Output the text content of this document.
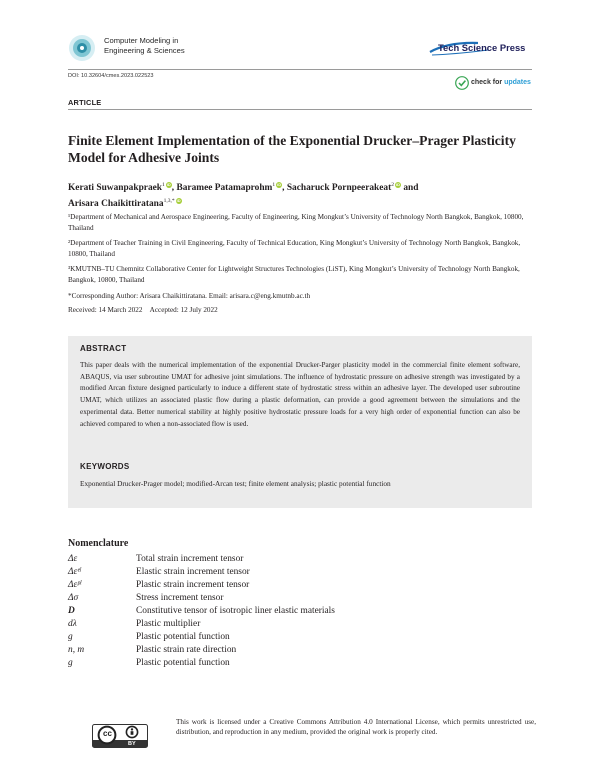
Computer Modeling in
Engineering & Sciences	Tech Science Press
DOI: 10.32604/cmes.2023.022523
check for updates
ARTICLE
Finite Element Implementation of the Exponential Drucker–Prager Plasticity Model for Adhesive Joints
Kerati Suwanpakpraek$^1$ iD, Baramee Patamaprohm$^1$ iD, Sacharuck Pornpeerakeat$^2$ iD and
Arisara Chaikittiratana$^{1,3,*}$ iD
¹Department of Mechanical and Aerospace Engineering, Faculty of Engineering, King Mongkut’s University of Technology North Bangkok, Bangkok, 10800, Thailand
²Department of Teacher Training in Civil Engineering, Faculty of Technical Education, King Mongkut’s University of Technology North Bangkok, Bangkok, 10800, Thailand
³KMUTNB–TU Chemnitz Collaborative Center for Lightweight Structures Technologies (LiST), King Mongkut’s University of Technology North Bangkok, Bangkok, 10800, Thailand
*Corresponding Author: Arisara Chaikittiratana. Email: arisara.c@eng.kmutnb.ac.th
Received: 14 March 2022 Accepted: 12 July 2022
ABSTRACT
This paper deals with the numerical implementation of the exponential Drucker-Parger plasticity model in the commercial finite element software, ABAQUS, via user subroutine UMAT for adhesive joint simulations. The influence of hydrostatic pressure on adhesive strength was investigated by a modified Arcan fixture designed particularly to induce a different state of hydrostatic stress within an adhesive layer. The developed user subroutine UMAT, which utilizes an associated plastic flow during a plastic deformation, can provide a good agreement between the simulations and the experimental data. Better numerical stability at highly positive hydrostatic pressure loads for a very high order of exponential function can also be achieved compared to when a non-associated flow is used.
KEYWORDS
Exponential Drucker-Prager model; modified-Arcan test; finite element analysis; plastic potential function
Nomenclature
Δε	Total strain increment tensor
Δεᵉˡ	Elastic strain increment tensor
Δεᵖˡ	Plastic strain increment tensor
Δσ	Stress increment tensor
D	Constitutive tensor of isotropic liner elastic materials
dλ	Plastic multiplier
g	Plastic potential function
n, m	Plastic strain rate direction
g	Plastic potential function
cc
BY
This work is licensed under a Creative Commons Attribution 4.0 International License, which permits unrestricted use, distribution, and reproduction in any medium, provided the original work is properly cited.
